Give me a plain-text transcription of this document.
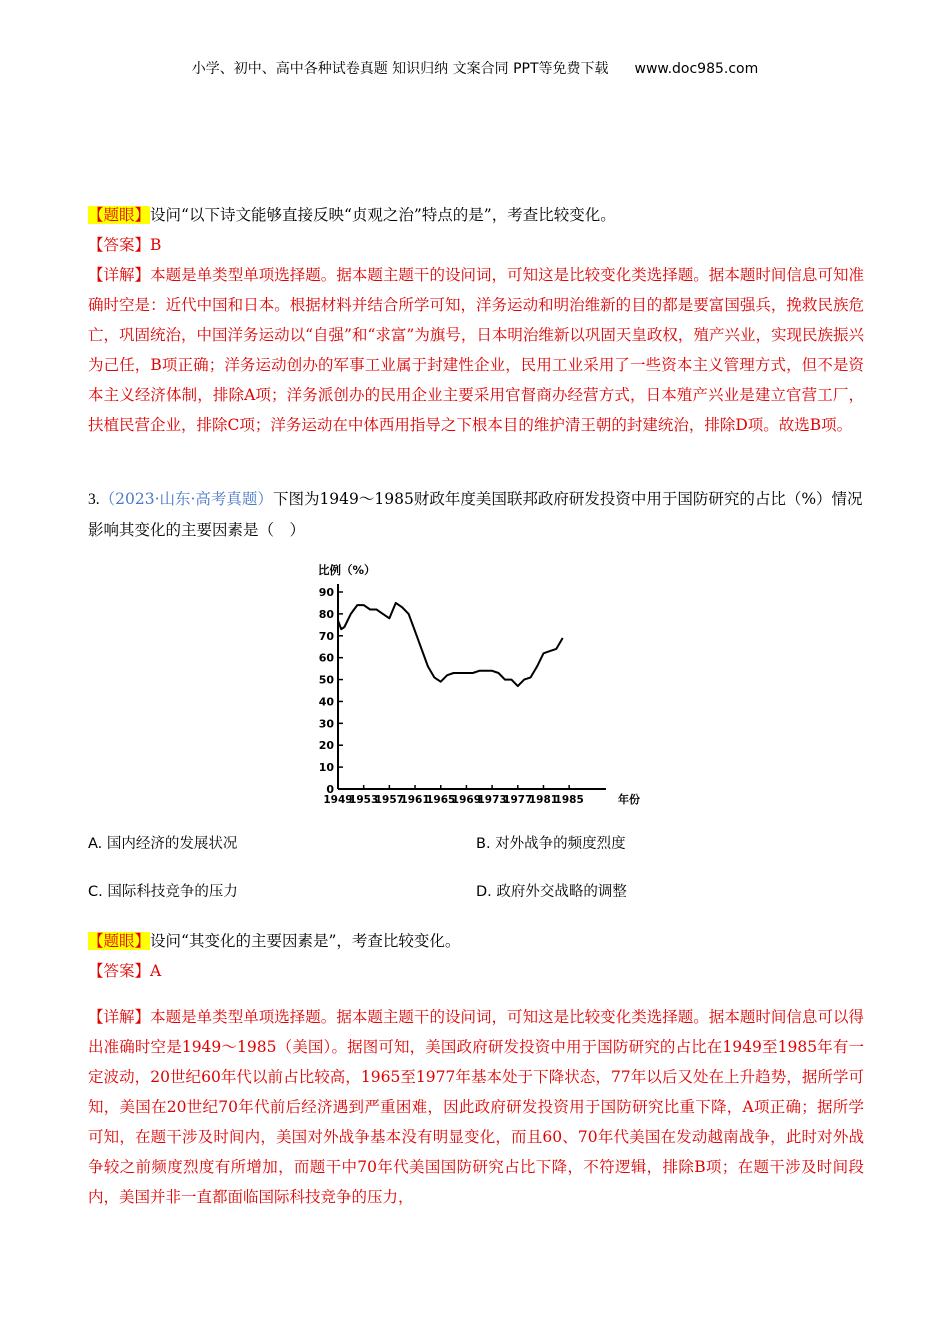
小学、初中、高中各种试卷真题 知识归纳 文案合同 PPT等免费下载 www.doc985.com
【题眼】设问“以下诗文能够直接反映“贞观之治”特点的是”，考查比较变化。
【答案】B
【详解】本题是单类型单项选择题。据本题主题干的设问词，可知这是比较变化类选择题。据本题时间信息可知准确时空是：近代中国和日本。根据材料并结合所学可知，洋务运动和明治维新的目的都是要富国强兵，挽救民族危亡，巩固统治，中国洋务运动以“自强”和“求富”为旗号，日本明治维新以巩固天皇政权，殖产兴业，实现民族振兴为己任，B项正确；洋务运动创办的军事工业属于封建性企业，民用工业采用了一些资本主义管理方式，但不是资本主义经济体制，排除A项；洋务派创办的民用企业主要采用官督商办经营方式，日本殖产兴业是建立官营工厂，扶植民营企业，排除C项；洋务运动在中体西用指导之下根本目的维护清王朝的封建统治，排除D项。故选B项。
3.（2023·山东·高考真题）下图为1949～1985财政年度美国联邦政府研发投资中用于国防研究的占比（%）情况影响其变化的主要因素是（　）
0
10
20
30
40
50
60
70
80
90
1949
1953
1957
1961
1965
1969
1973
1977
1981
1985	年份
比例（%）
A. 国内经济的发展状况	B. 对外战争的频度烈度
C. 国际科技竞争的压力	D. 政府外交战略的调整
【题眼】设问“其变化的主要因素是”，考查比较变化。
【答案】A
【详解】本题是单类型单项选择题。据本题主题干的设问词，可知这是比较变化类选择题。据本题时间信息可以得出准确时空是1949～1985（美国）。据图可知，美国政府研发投资中用于国防研究的占比在1949至1985年有一定波动，20世纪60年代以前占比较高，1965至1977年基本处于下降状态，77年以后又处在上升趋势，据所学可知，美国在20世纪70年代前后经济遇到严重困难，因此政府研发投资用于国防研究比重下降，A项正确；据所学可知，在题干涉及时间内，美国对外战争基本没有明显变化，而且60、70年代美国在发动越南战争，此时对外战争较之前频度烈度有所增加，而题干中70年代美国国防研究占比下降，不符逻辑，排除B项；在题干涉及时间段内，美国并非一直都面临国际科技竞争的压力，
